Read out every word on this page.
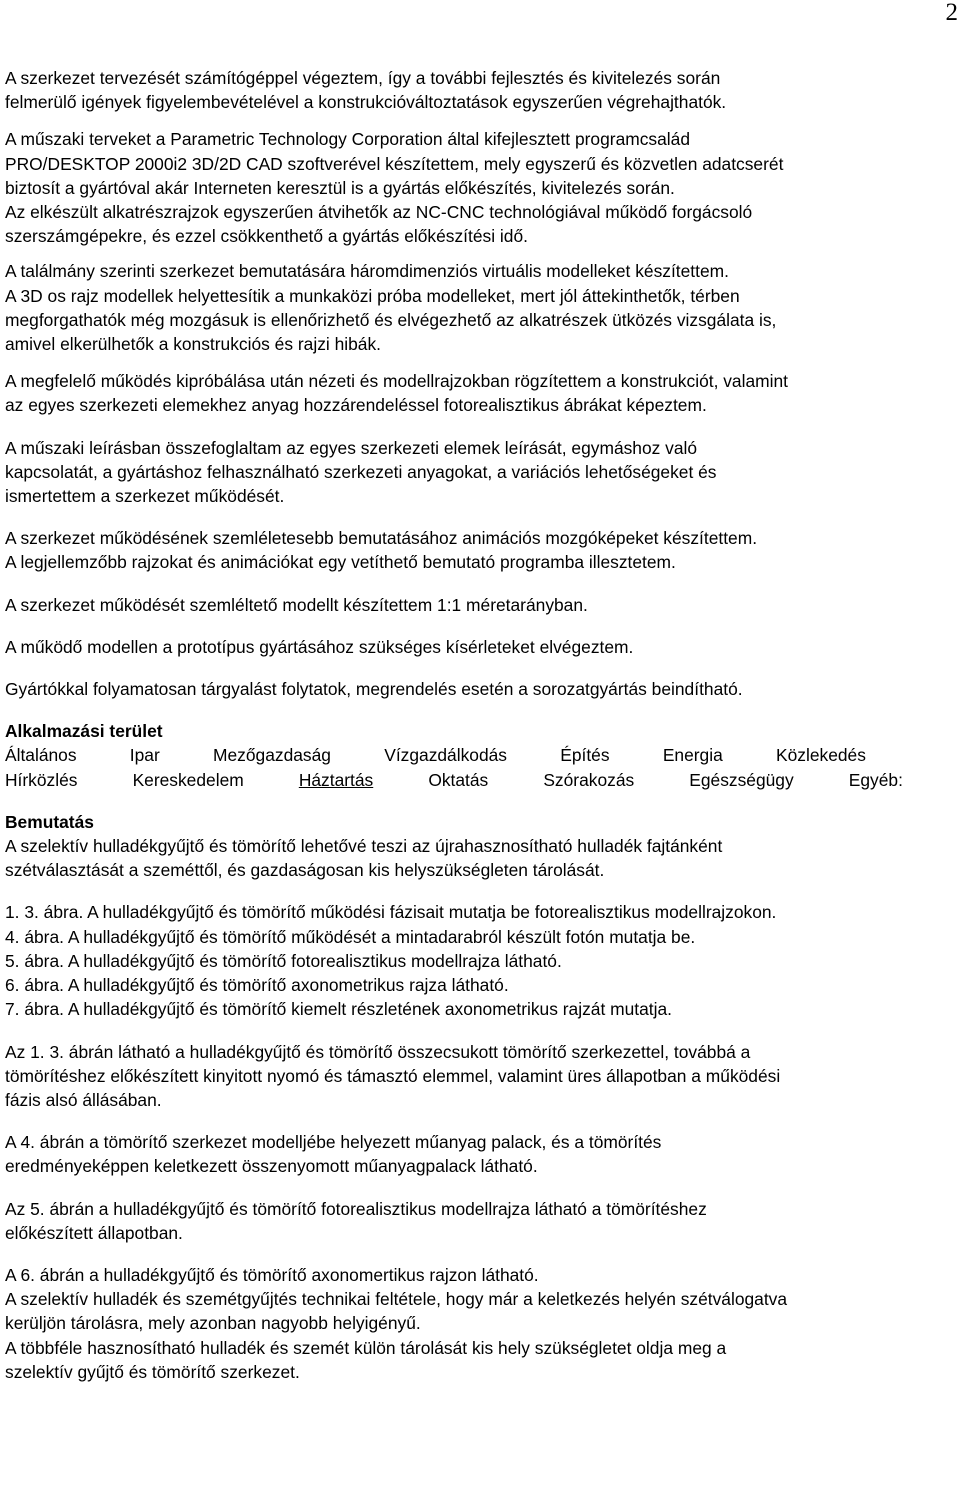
2

A szerkezet tervezését számítógéppel végeztem, így a további fejlesztés és kivitelezés során

felmerülő igények figyelembevételével a konstrukcióváltoztatások egyszerűen végrehajthatók.

A műszaki terveket a Parametric Technology Corporation által kifejlesztett programcsalád

PRO/DESKTOP 2000i2 3D/2D CAD szoftverével készítettem, mely egyszerű és közvetlen adatcserét

biztosít a gyártóval akár Interneten keresztül is a gyártás előkészítés, kivitelezés során.

Az elkészült alkatrészrajzok egyszerűen átvihetők az NC-CNC technológiával működő forgácsoló

szerszámgépekre, és ezzel csökkenthető a gyártás előkészítési idő.

A találmány szerinti szerkezet bemutatására háromdimenziós virtuális modelleket készítettem.

A 3D os rajz modellek helyettesítik a munkaközi próba modelleket, mert jól áttekinthetők, térben

megforgathatók még mozgásuk is ellenőrizhető és elvégezhető az alkatrészek ütközés vizsgálata is,

amivel elkerülhetők a konstrukciós és rajzi hibák.

A megfelelő működés kipróbálása után nézeti és modellrajzokban rögzítettem a konstrukciót, valamint

az egyes szerkezeti elemekhez anyag hozzárendeléssel fotorealisztikus ábrákat képeztem.

A műszaki leírásban összefoglaltam az egyes szerkezeti elemek leírását, egymáshoz való

kapcsolatát, a gyártáshoz felhasználható szerkezeti anyagokat, a variációs lehetőségeket és

ismertettem a szerkezet működését.

A szerkezet működésének szemléletesebb bemutatásához animációs mozgóképeket készítettem.

A legjellemzőbb rajzokat és animációkat egy vetíthető bemutató programba illesztetem.

A szerkezet működését szemléltető modellt készítettem 1:1 méretarányban.

A működő modellen a prototípus gyártásához szükséges kísérleteket elvégeztem.

Gyártókkal folyamatosan tárgyalást folytatok, megrendelés esetén a sorozatgyártás beindítható.

Alkalmazási terület

Általános	Ipar	Mezőgazdaság	Vízgazdálkodás	Építés	Energia	Közlekedés
Hírközlés	Kereskedelem	Háztartás	Oktatás	Szórakozás	Egészségügy	Egyéb:

Bemutatás

A szelektív hulladékgyűjtő és tömörítő lehetővé teszi az újrahasznosítható hulladék fajtánként

szétválasztását a szeméttől, és gazdaságosan kis helyszükségleten tárolását.

1. 3. ábra. A hulladékgyűjtő és tömörítő működési fázisait mutatja be fotorealisztikus modellrajzokon.

4. ábra. A hulladékgyűjtő és tömörítő működését a mintadarabról készült fotón mutatja be.

5. ábra. A hulladékgyűjtő és tömörítő fotorealisztikus modellrajza látható.

6. ábra. A hulladékgyűjtő és tömörítő axonometrikus rajza látható.

7. ábra. A hulladékgyűjtő és tömörítő kiemelt részletének axonometrikus rajzát mutatja.

Az 1. 3. ábrán látható a hulladékgyűjtő és tömörítő összecsukott tömörítő szerkezettel, továbbá a

tömörítéshez előkészített kinyitott nyomó és támasztó elemmel, valamint üres állapotban a működési

fázis alsó állásában.

A 4. ábrán a tömörítő szerkezet modelljébe helyezett műanyag palack, és a tömörítés

eredményeképpen keletkezett összenyomott műanyagpalack látható.

Az 5. ábrán a hulladékgyűjtő és tömörítő fotorealisztikus modellrajza látható a tömörítéshez

előkészített állapotban.

A 6. ábrán a hulladékgyűjtő és tömörítő axonomertikus rajzon látható.

A szelektív hulladék és szemétgyűjtés technikai feltétele, hogy már a keletkezés helyén szétválogatva

kerüljön tárolásra, mely azonban nagyobb helyigényű.

A többféle hasznosítható hulladék és szemét külön tárolását kis hely szükségletet oldja meg a

szelektív gyűjtő és tömörítő szerkezet.
